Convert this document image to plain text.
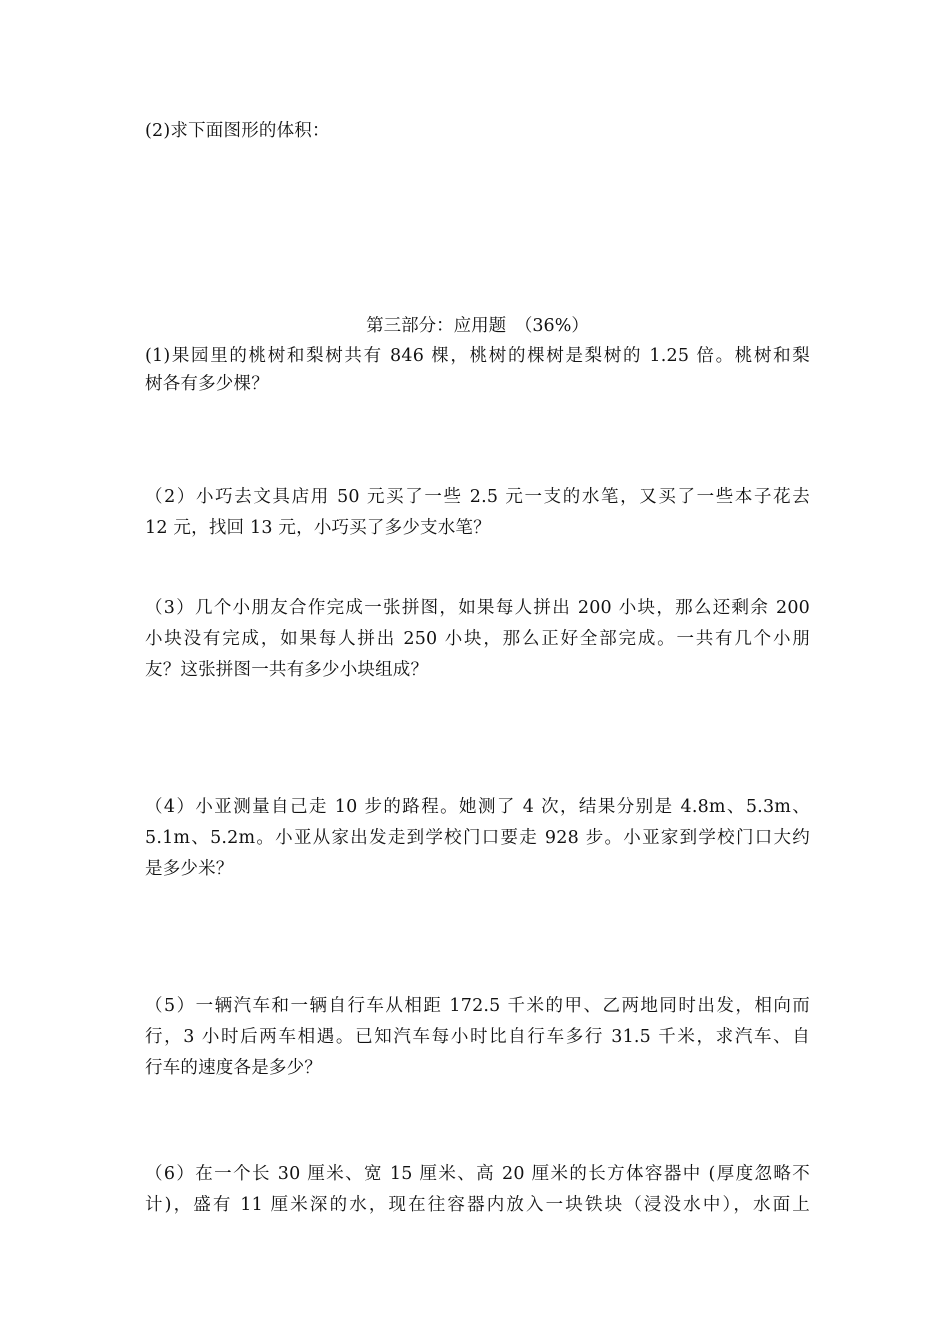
(2)求下面图形的体积：
第三部分：应用题　（36%）
(1)果园里的桃树和梨树共有 846 棵，桃树的棵树是梨树的 1.25 倍。桃树和梨
树各有多少棵？
（2）小巧去文具店用 50 元买了一些 2.5 元一支的水笔，又买了一些本子花去
12 元，找回 13 元，小巧买了多少支水笔？
（3）几个小朋友合作完成一张拼图，如果每人拼出 200 小块，那么还剩余 200
小块没有完成，如果每人拼出 250 小块，那么正好全部完成。一共有几个小朋
友？这张拼图一共有多少小块组成？
（4）小亚测量自己走 10 步的路程。她测了 4 次，结果分别是 4.8m、5.3m、
5.1m、5.2m。小亚从家出发走到学校门口要走 928 步。小亚家到学校门口大约
是多少米？
（5）一辆汽车和一辆自行车从相距 172.5 千米的甲、乙两地同时出发，相向而
行，3 小时后两车相遇。已知汽车每小时比自行车多行 31.5 千米，求汽车、自
行车的速度各是多少？
（6）在一个长 30 厘米、宽 15 厘米、高 20 厘米的长方体容器中 (厚度忽略不
计)，盛有 11 厘米深的水，现在往容器内放入一块铁块（浸没水中），水面上
